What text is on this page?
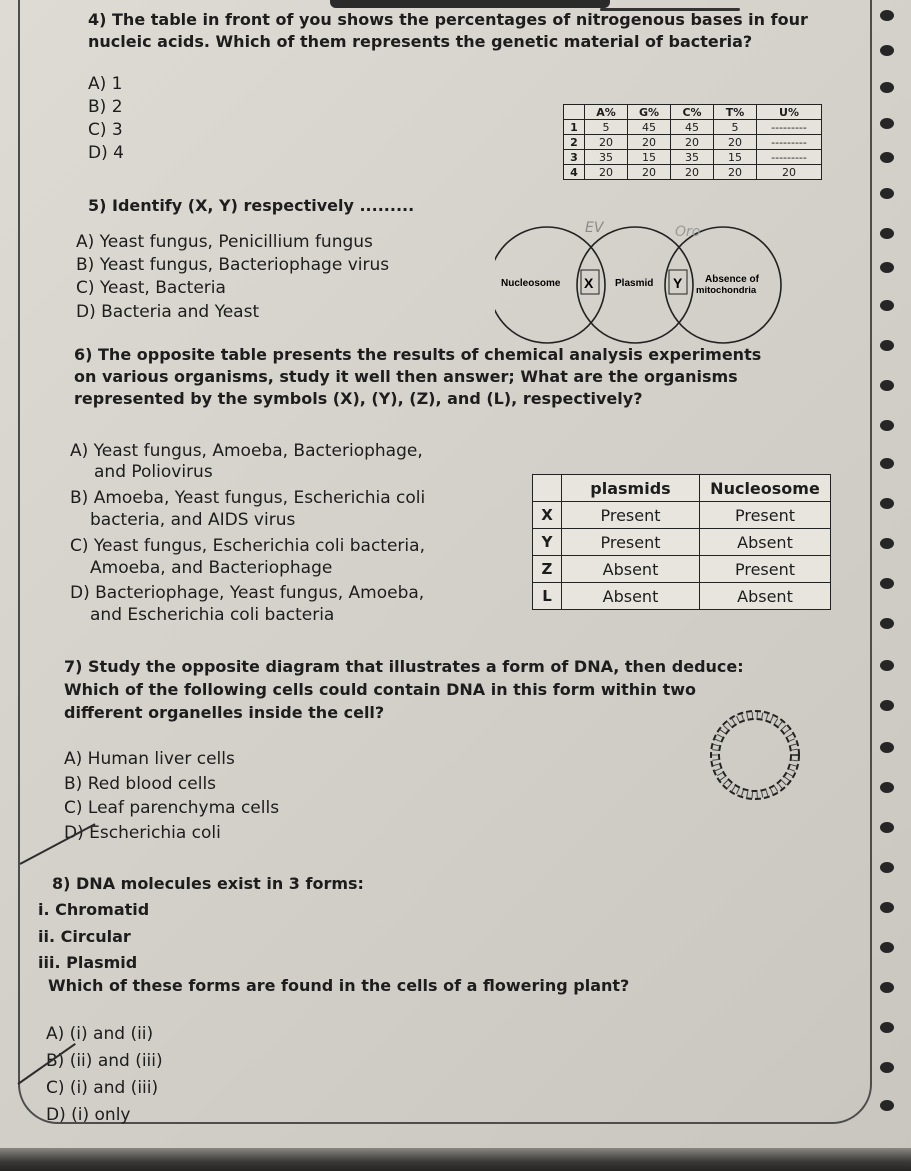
4) The table in front of you shows the percentages of nitrogenous bases in four
nucleic acids. Which of them represents the genetic material of bacteria?
A) 1
B) 2
C) 3
D) 4
	A%	G%	C%	T%	U%
1	5	45	45	5	---------
2	20	20	20	20	---------
3	35	15	35	15	---------
4	20	20	20	20	20
5) Identify (X, Y) respectively .........
A) Yeast fungus, Penicillium fungus
B) Yeast fungus, Bacteriophage virus
C) Yeast, Bacteria
D) Bacteria and Yeast
Nucleosome X Plasmid Y Absence of
mitochondria
EV	Oro
6) The opposite table presents the results of chemical analysis experiments
on various organisms, study it well then answer; What are the organisms
represented by the symbols (X), (Y), (Z), and (L), respectively?
A) Yeast fungus, Amoeba, Bacteriophage,
and Poliovirus
B) Amoeba, Yeast fungus, Escherichia coli
bacteria, and AIDS virus
C) Yeast fungus, Escherichia coli bacteria,
Amoeba, and Bacteriophage
D) Bacteriophage, Yeast fungus, Amoeba,
and Escherichia coli bacteria
	plasmids	Nucleosome
X	Present	Present
Y	Present	Absent
Z	Absent	Present
L	Absent	Absent
7) Study the opposite diagram that illustrates a form of DNA, then deduce:
Which of the following cells could contain DNA in this form within two
different organelles inside the cell?
A) Human liver cells
B) Red blood cells
C) Leaf parenchyma cells
D) Escherichia coli
8) DNA molecules exist in 3 forms:
i. Chromatid
ii. Circular
iii. Plasmid
Which of these forms are found in the cells of a flowering plant?
A) (i) and (ii)
B) (ii) and (iii)
C) (i) and (iii)
D) (i) only
